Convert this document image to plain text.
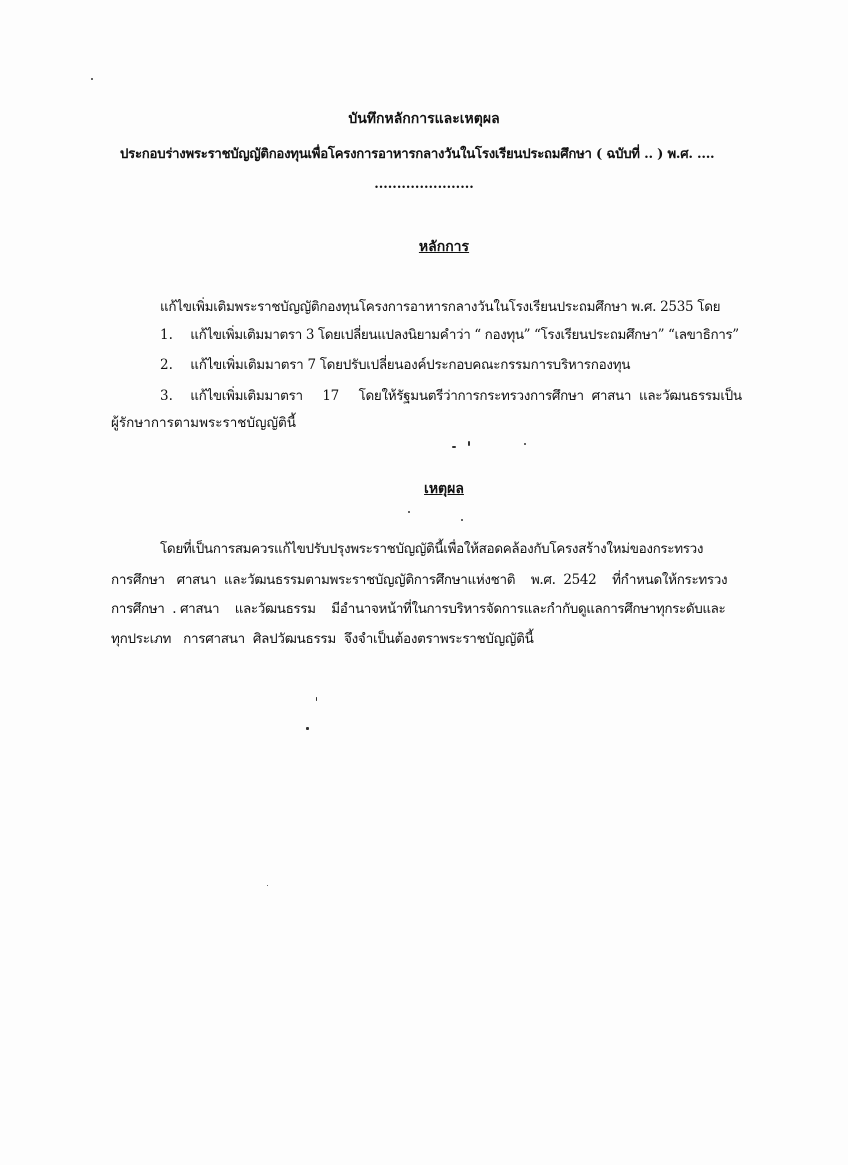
บันทึกหลักการและเหตุผล
ประกอบร่างพระราชบัญญัติกองทุนเพื่อโครงการอาหารกลางวันในโรงเรียนประถมศึกษา ( ฉบับที่ .. ) พ.ศ. ....
......................
หลักการ
แก้ไขเพิ่มเติมพระราชบัญญัติกองทุนโครงการอาหารกลางวันในโรงเรียนประถมศึกษา พ.ศ. 2535 โดย
1. แก้ไขเพิ่มเติมมาตรา 3 โดยเปลี่ยนแปลงนิยามคำว่า “ กองทุน” “โรงเรียนประถมศึกษา” “เลขาธิการ”
2. แก้ไขเพิ่มเติมมาตรา 7 โดยปรับเปลี่ยนองค์ประกอบคณะกรรมการบริหารกองทุน
3. แก้ไขเพิ่มเติมมาตรา     17     โดยให้รัฐมนตรีว่าการกระทรวงการศึกษา  ศาสนา  และวัฒนธรรมเป็น
ผู้รักษาการตามพระราชบัญญัตินี้
เหตุผล
โดยที่เป็นการสมควรแก้ไขปรับปรุงพระราชบัญญัตินี้เพื่อให้สอดคล้องกับโครงสร้างใหม่ของกระทรวง
การศึกษา   ศาสนา  และวัฒนธรรมตามพระราชบัญญัติการศึกษาแห่งชาติ    พ.ศ.  2542    ที่กำหนดให้กระทรวง
การศึกษา  . ศาสนา    และวัฒนธรรม    มีอำนาจหน้าที่ในการบริหารจัดการและกำกับดูแลการศึกษาทุกระดับและ
ทุกประเภท   การศาสนา  ศิลปวัฒนธรรม  จึงจำเป็นต้องตราพระราชบัญญัตินี้
